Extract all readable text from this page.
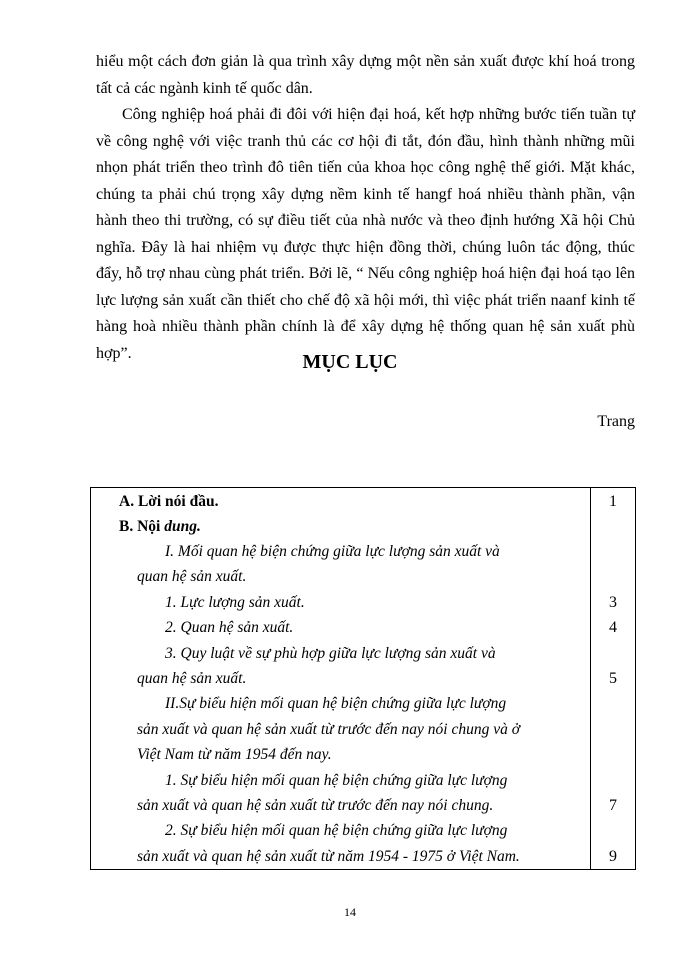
hiểu một cách đơn giản là qua trình xây dựng một nền sản xuất được khí hoá trong tất cả các ngành kinh tế quốc dân.

Công nghiệp hoá phải đi đôi với hiện đại hoá, kết hợp những bước tiến tuần tự về công nghệ với việc tranh thủ các cơ hội đi tắt, đón đầu, hình thành những mũi nhọn phát triển theo trình đô tiên tiến của khoa học công nghệ thế giới. Mặt khác, chúng ta phải chú trọng xây dựng nềm kinh tế hangf hoá nhiều thành phần, vận hành theo thi trường, có sự điều tiết của nhà nước và theo định hướng Xã hội Chủ nghĩa. Đây là hai nhiệm vụ được thực hiện đồng thời, chúng luôn tác động, thúc đẩy, hỗ trợ nhau cùng phát triển. Bởi lẽ, “ Nếu công nghiệp hoá hiện đại hoá tạo lên lực lượng sản xuất cần thiết cho chế độ xã hội mới, thì việc phát triển naanf kinh tế hàng hoà nhiều thành phần chính là để xây dựng hệ thống quan hệ sản xuất phù hợp”.	MỤC LỤC
Trang
A. Lời nói đầu.	1
B. Nội dung.
I. Mối quan hệ biện chứng giữa lực lượng sản xuất và
quan hệ sản xuất.
1. Lực lượng sản xuất.	3
2. Quan hệ sản xuất.	4
3. Quy luật về sự phù hợp giữa lực lượng sản xuất và
quan hệ sản xuất.	5
II.Sự biểu hiện mối quan hệ biện chứng giữa lực lượng
sản xuất và quan hệ sản xuất từ trước đến nay nói chung và ở
Việt Nam từ năm 1954 đến nay.
1. Sự biểu hiện mối quan hệ biện chứng giữa lực lượng
sản xuất và quan hệ sản xuất từ trước đến nay nói chung.	7
2. Sự biểu hiện mối quan hệ biện chứng giữa lực lượng
sản xuất và quan hệ sản xuất từ năm 1954 - 1975 ở Việt Nam.	9
14
